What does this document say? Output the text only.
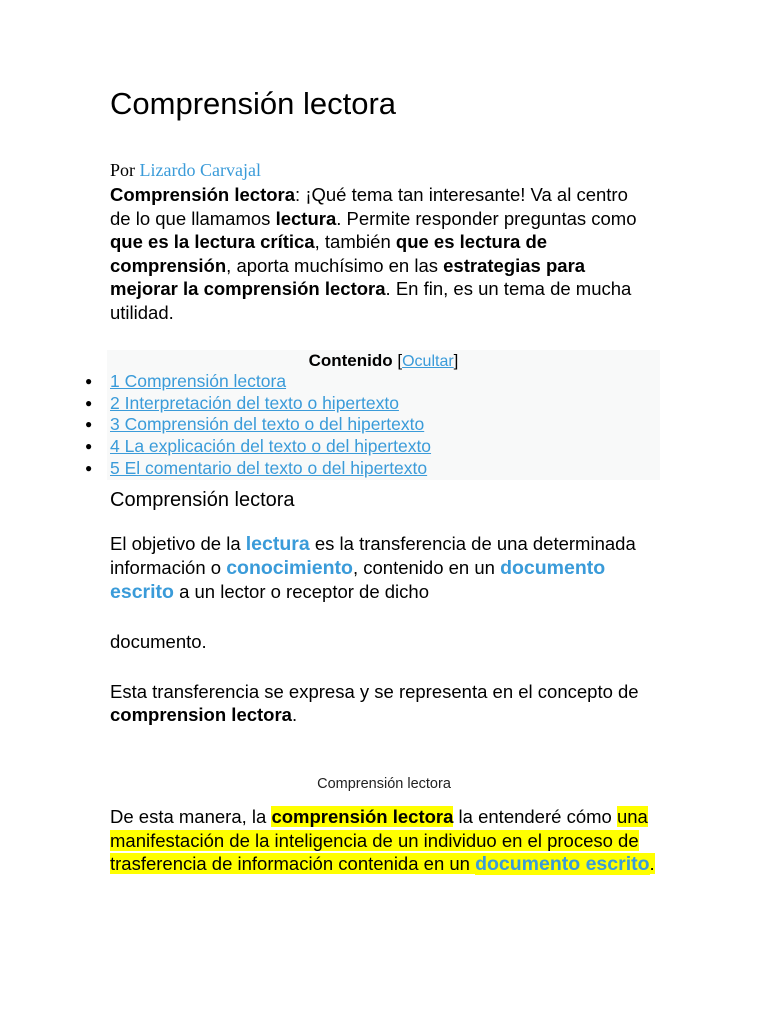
Comprensión lectora
Por Lizardo Carvajal

Comprensión lectora: ¡Qué tema tan interesante! Va al centro de lo que llamamos lectura. Permite responder preguntas como que es la lectura crítica, también que es lectura de comprensión, aporta muchísimo en las estrategias para mejorar la comprensión lectora. En fin, es un tema de mucha utilidad.

Contenido [Ocultar]
● 1 Comprensión lectora
● 2 Interpretación del texto o hipertexto
● 3 Comprensión del texto o del hipertexto
● 4 La explicación del texto o del hipertexto
● 5 El comentario del texto o del hipertexto
Comprensión lectora

El objetivo de la lectura es la transferencia de una determinada información o conocimiento, contenido en un documento escrito a un lector o receptor de dicho

documento.

Esta transferencia se expresa y se representa en el concepto de comprension lectora.

Comprensión lectora

De esta manera, la comprensión lectora la entenderé cómo una manifestación de la inteligencia de un individuo en el proceso de trasferencia de información contenida en un documento escrito.
